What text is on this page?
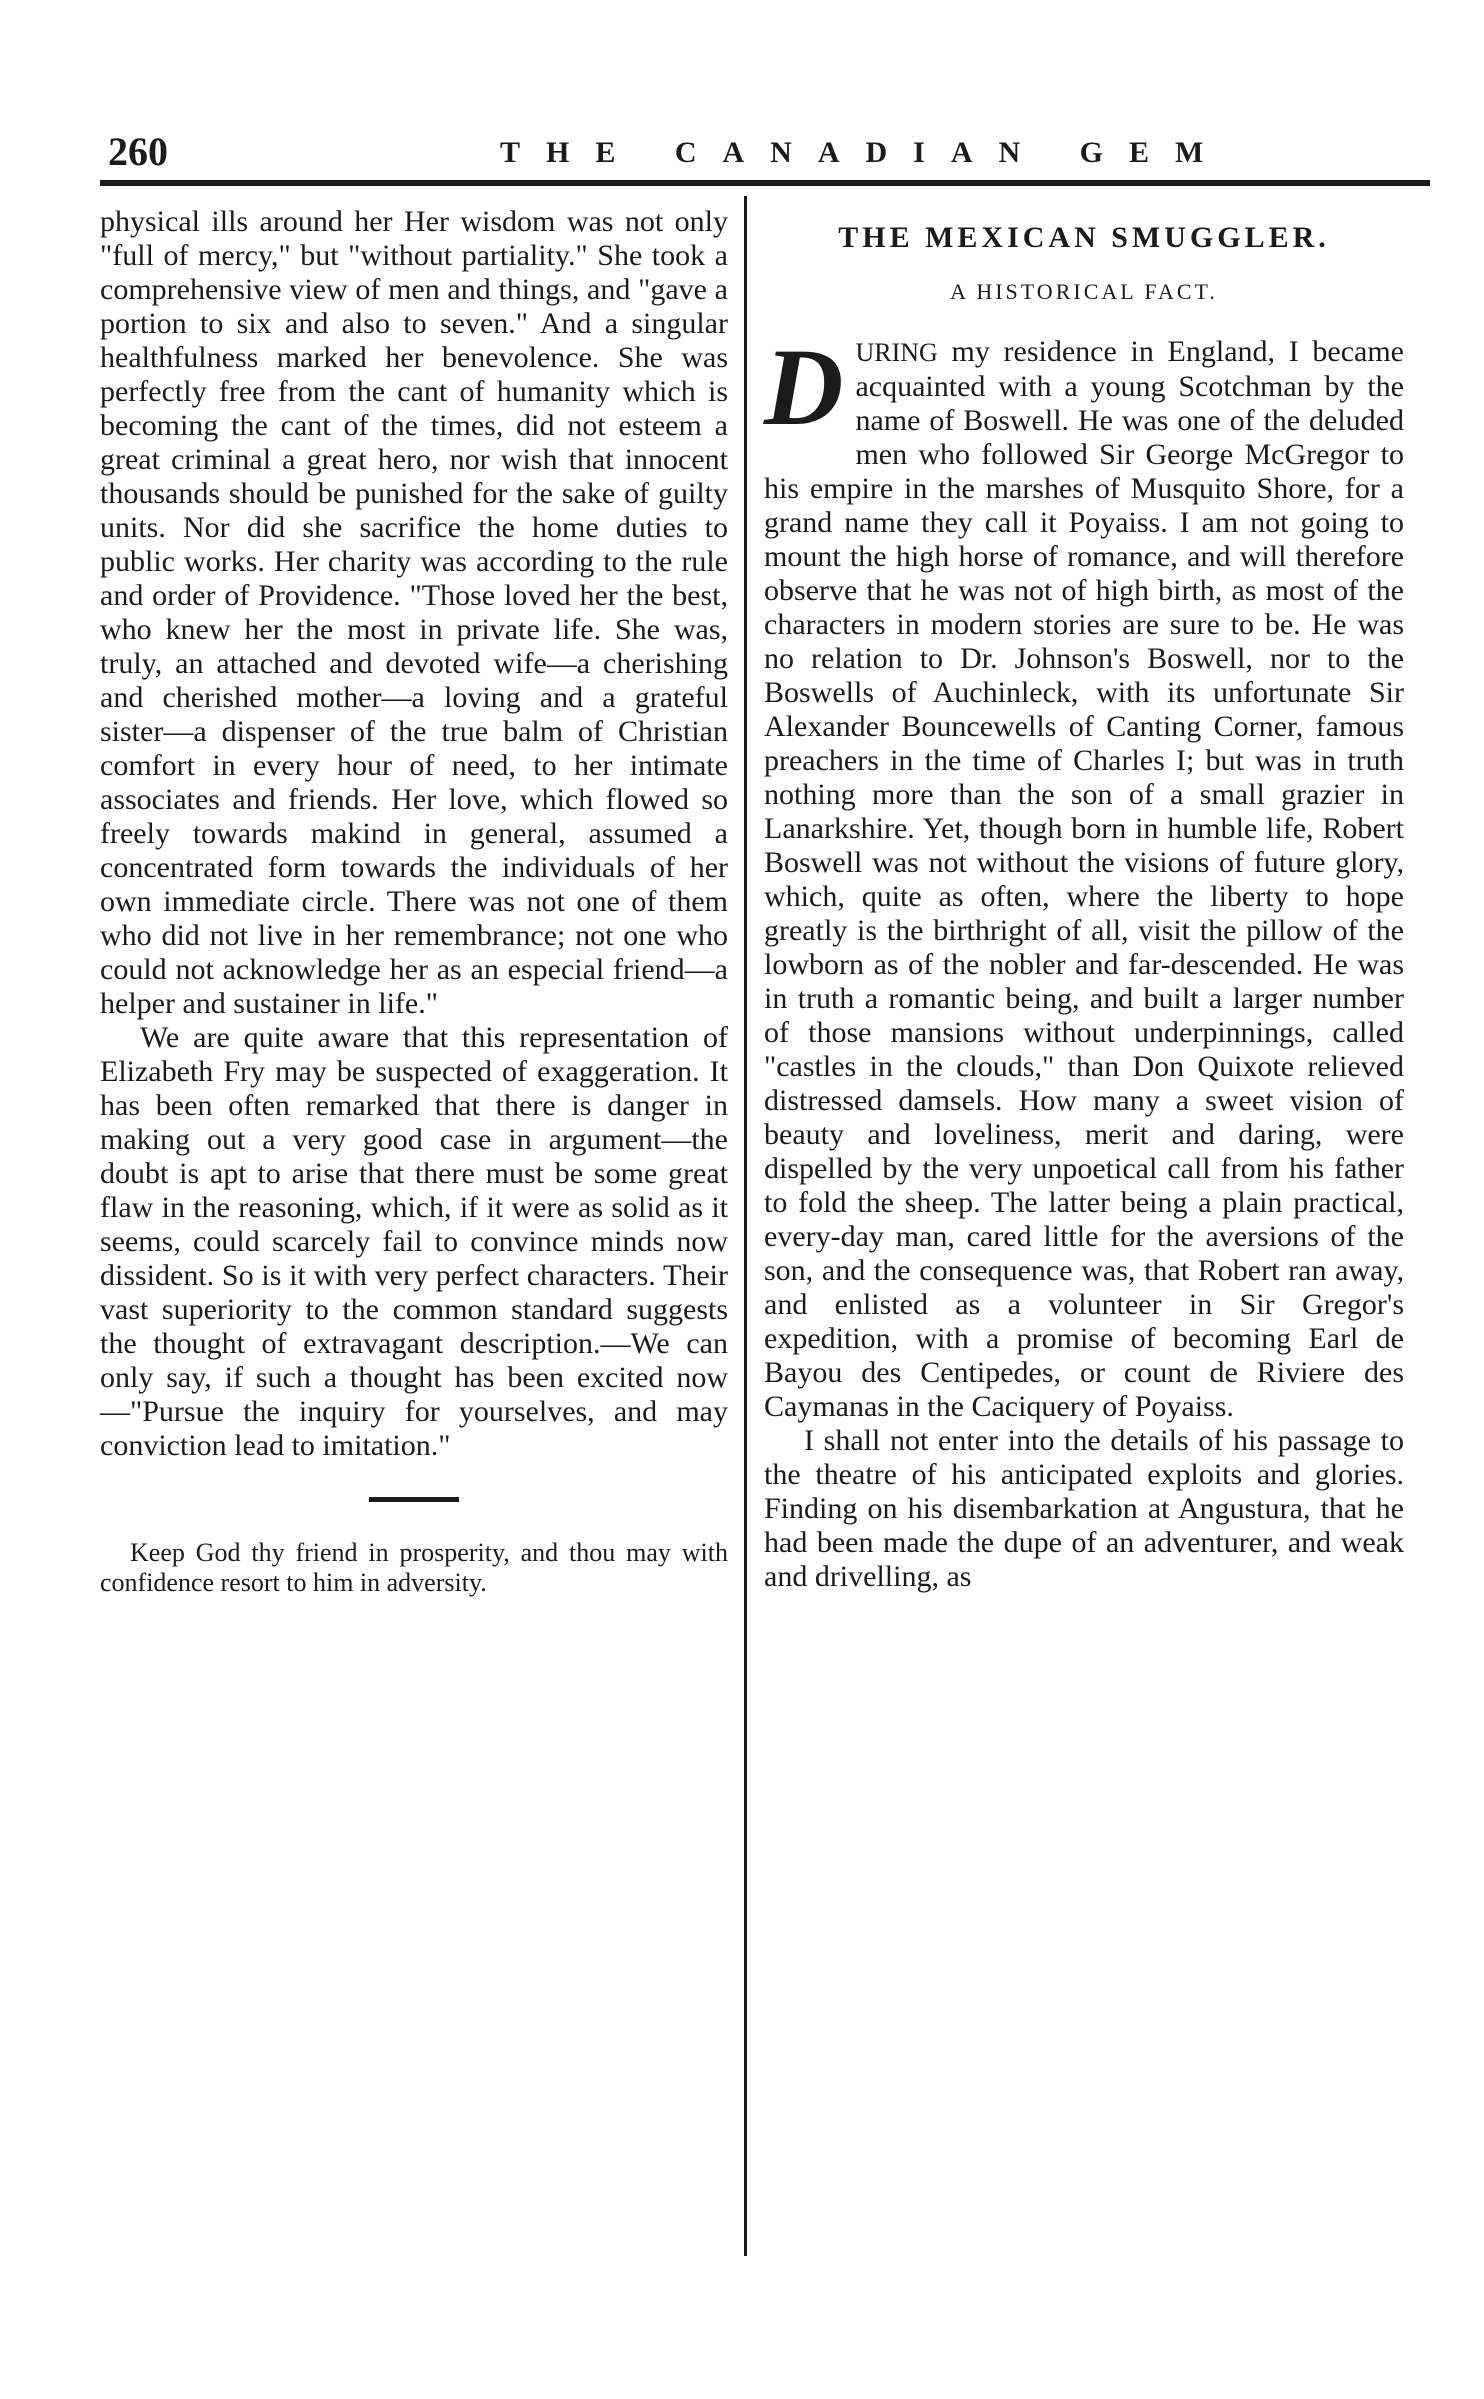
260	THE CANADIAN GEM

physical ills around her Her wisdom was not only "full of mercy," but "without partiality." She took a comprehensive view of men and things, and "gave a portion to six and also to seven." And a singular healthfulness marked her benevolence. She was perfectly free from the cant of humanity which is becoming the cant of the times, did not esteem a great criminal a great hero, nor wish that innocent thousands should be punished for the sake of guilty units. Nor did she sacrifice the home duties to public works. Her charity was according to the rule and order of Providence. "Those loved her the best, who knew her the most in private life. She was, truly, an attached and devoted wife—a cherishing and cherished mother—a loving and a grateful sister—a dispenser of the true balm of Christian comfort in every hour of need, to her intimate associates and friends. Her love, which flowed so freely towards makind in general, assumed a concentrated form towards the individuals of her own immediate circle. There was not one of them who did not live in her remembrance; not one who could not acknowledge her as an especial friend—a helper and sustainer in life."

We are quite aware that this representation of Elizabeth Fry may be suspected of exaggeration. It has been often remarked that there is danger in making out a very good case in argument—the doubt is apt to arise that there must be some great flaw in the reasoning, which, if it were as solid as it seems, could scarcely fail to convince minds now dissident. So is it with very perfect characters. Their vast superiority to the common standard suggests the thought of extravagant description.—We can only say, if such a thought has been excited now—"Pursue the inquiry for yourselves, and may conviction lead to imitation."

Keep God thy friend in prosperity, and thou may with confidence resort to him in adversity.

THE MEXICAN SMUGGLER.
A HISTORICAL FACT.

DURING my residence in England, I became acquainted with a young Scotchman by the name of Boswell. He was one of the deluded men who followed Sir George McGregor to his empire in the marshes of Musquito Shore, for a grand name they call it Poyaiss. I am not going to mount the high horse of romance, and will therefore observe that he was not of high birth, as most of the characters in modern stories are sure to be. He was no relation to Dr. Johnson's Boswell, nor to the Boswells of Auchinleck, with its unfortunate Sir Alexander Bouncewells of Canting Corner, famous preachers in the time of Charles I; but was in truth nothing more than the son of a small grazier in Lanarkshire. Yet, though born in humble life, Robert Boswell was not without the visions of future glory, which, quite as often, where the liberty to hope greatly is the birthright of all, visit the pillow of the lowborn as of the nobler and far-descended. He was in truth a romantic being, and built a larger number of those mansions without underpinnings, called "castles in the clouds," than Don Quixote relieved distressed damsels. How many a sweet vision of beauty and loveliness, merit and daring, were dispelled by the very unpoetical call from his father to fold the sheep. The latter being a plain practical, every-day man, cared little for the aversions of the son, and the consequence was, that Robert ran away, and enlisted as a volunteer in Sir Gregor's expedition, with a promise of becoming Earl de Bayou des Centipedes, or count de Riviere des Caymanas in the Caciquery of Poyaiss.

I shall not enter into the details of his passage to the theatre of his anticipated exploits and glories. Finding on his disembarkation at Angustura, that he had been made the dupe of an adventurer, and weak and drivelling, as
